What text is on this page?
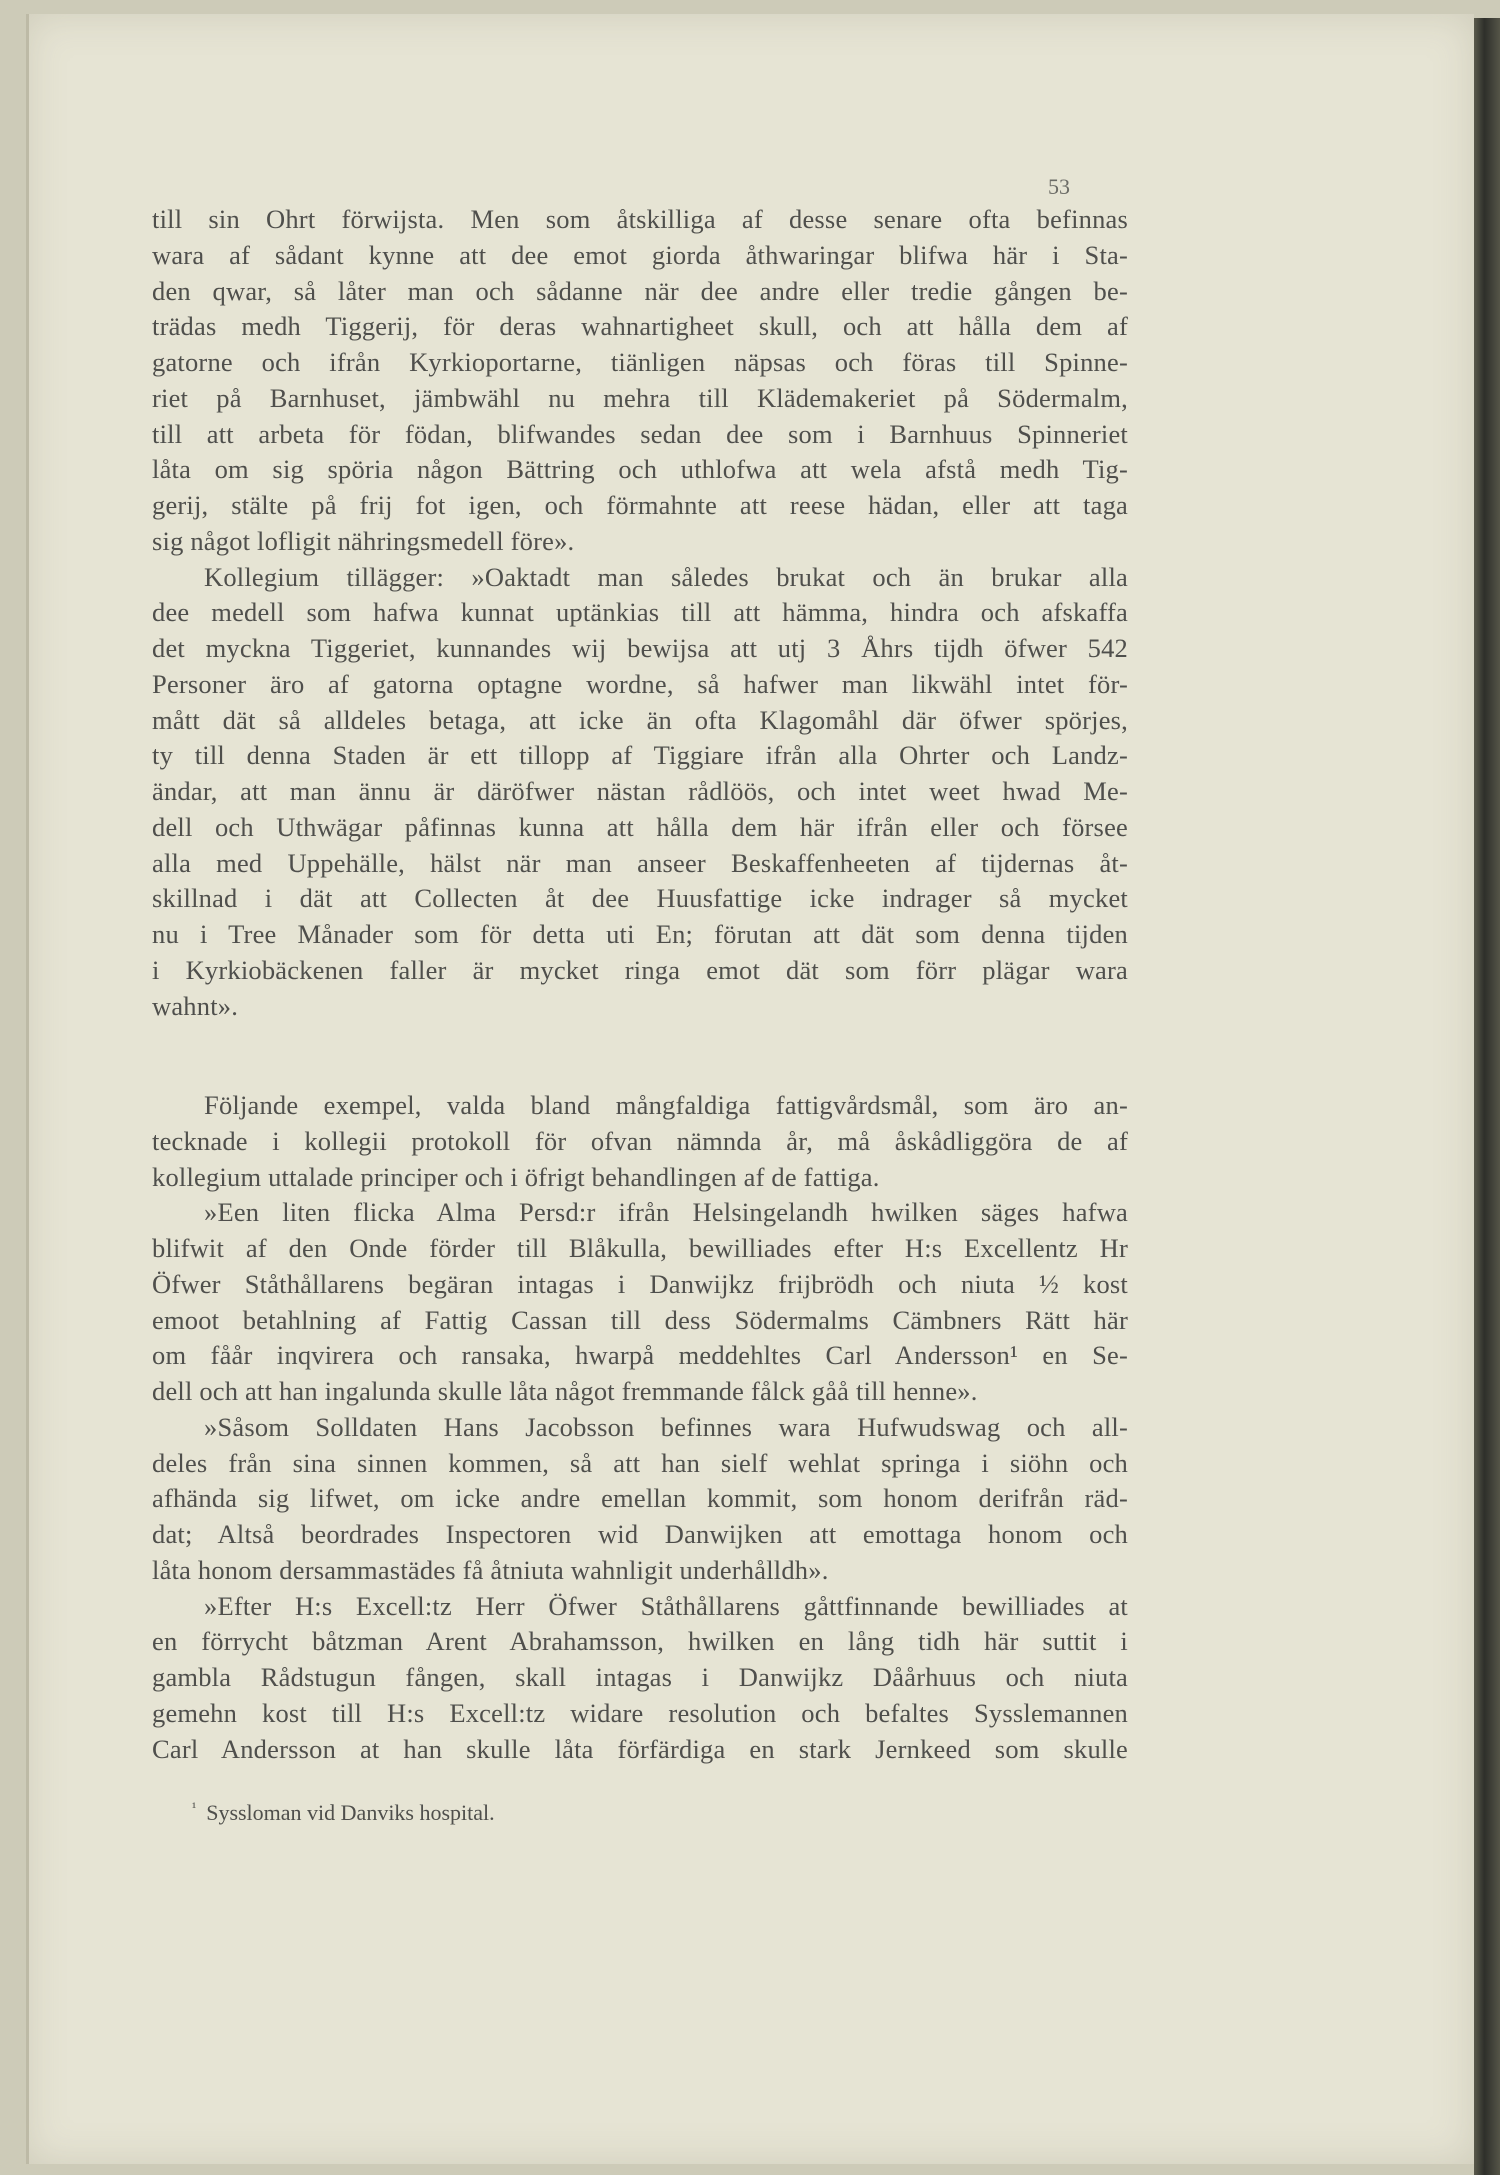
53
till sin Ohrt förwijsta. Men som åtskilliga af desse senare ofta befinnas
wara af sådant kynne att dee emot giorda åthwaringar blifwa här i Sta-
den qwar, så låter man och sådanne när dee andre eller tredie gången be-
trädas medh Tiggerij, för deras wahnartigheet skull, och att hålla dem af
gatorne och ifrån Kyrkioportarne, tiänligen näpsas och föras till Spinne-
riet på Barnhuset, jämbwähl nu mehra till Klädemakeriet på Södermalm,
till att arbeta för födan, blifwandes sedan dee som i Barnhuus Spinneriet
låta om sig spöria någon Bättring och uthlofwa att wela afstå medh Tig-
gerij, stälte på frij fot igen, och förmahnte att reese hädan, eller att taga
sig något lofligit nähringsmedell före».
Kollegium tillägger: »Oaktadt man således brukat och än brukar alla
dee medell som hafwa kunnat uptänkias till att hämma, hindra och afskaffa
det myckna Tiggeriet, kunnandes wij bewijsa att utj 3 Åhrs tijdh öfwer 542
Personer äro af gatorna optagne wordne, så hafwer man likwähl intet för-
mått dät så alldeles betaga, att icke än ofta Klagomåhl där öfwer spörjes,
ty till denna Staden är ett tillopp af Tiggiare ifrån alla Ohrter och Landz-
ändar, att man ännu är däröfwer nästan rådlöös, och intet weet hwad Me-
dell och Uthwägar påfinnas kunna att hålla dem här ifrån eller och försee
alla med Uppehälle, hälst när man anseer Beskaffenheeten af tijdernas åt-
skillnad i dät att Collecten åt dee Huusfattige icke indrager så mycket
nu i Tree Månader som för detta uti En; förutan att dät som denna tijden
i Kyrkiobäckenen faller är mycket ringa emot dät som förr plägar wara
wahnt».
Följande exempel, valda bland mångfaldiga fattigvårdsmål, som äro an-
tecknade i kollegii protokoll för ofvan nämnda år, må åskådliggöra de af
kollegium uttalade principer och i öfrigt behandlingen af de fattiga.
»Een liten flicka Alma Persd:r ifrån Helsingelandh hwilken säges hafwa
blifwit af den Onde förder till Blåkulla, bewilliades efter H:s Excellentz Hr
Öfwer Ståthållarens begäran intagas i Danwijkz frijbrödh och niuta ½ kost
emoot betahlning af Fattig Cassan till dess Södermalms Cämbners Rätt här
om fåår inqvirera och ransaka, hwarpå meddehltes Carl Andersson¹ en Se-
dell och att han ingalunda skulle låta något fremmande fålck gåå till henne».
»Såsom Solldaten Hans Jacobsson befinnes wara Hufwudswag och all-
deles från sina sinnen kommen, så att han sielf wehlat springa i siöhn och
afhända sig lifwet, om icke andre emellan kommit, som honom derifrån räd-
dat; Altså beordrades Inspectoren wid Danwijken att emottaga honom och
låta honom dersammastädes få åtniuta wahnligit underhålldh».
»Efter H:s Excell:tz Herr Öfwer Ståthållarens gåttfinnande bewilliades at
en förrycht båtzman Arent Abrahamsson, hwilken en lång tidh här suttit i
gambla Rådstugun fången, skall intagas i Danwijkz Dåårhuus och niuta
gemehn kost till H:s Excell:tz widare resolution och befaltes Sysslemannen
Carl Andersson at han skulle låta förfärdiga en stark Jernkeed som skulle
$^{^1}$ Syssloman vid Danviks hospital.
